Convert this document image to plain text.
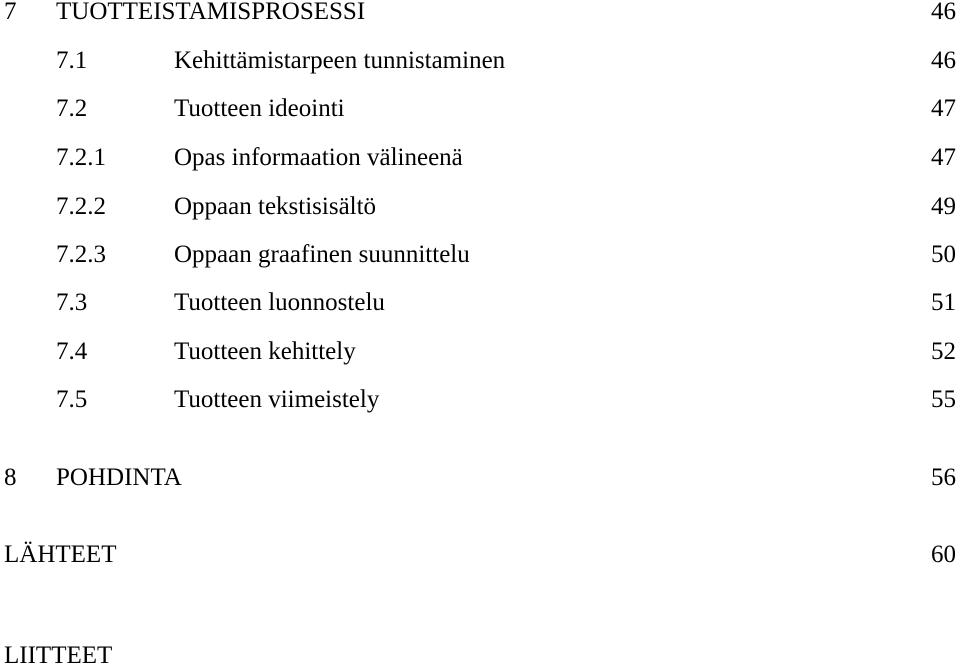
7 TUOTTEISTAMISPROSESSI	46
7.1	Kehittämistarpeen tunnistaminen	46
7.2	Tuotteen ideointi	47
7.2.1	Opas informaation välineenä	47
7.2.2	Oppaan tekstisisältö	49
7.2.3	Oppaan graafinen suunnittelu	50
7.3	Tuotteen luonnostelu	51
7.4	Tuotteen kehittely	52
7.5	Tuotteen viimeistely	55
8 POHDINTA	56
LÄHTEET	60
LIITTEET
